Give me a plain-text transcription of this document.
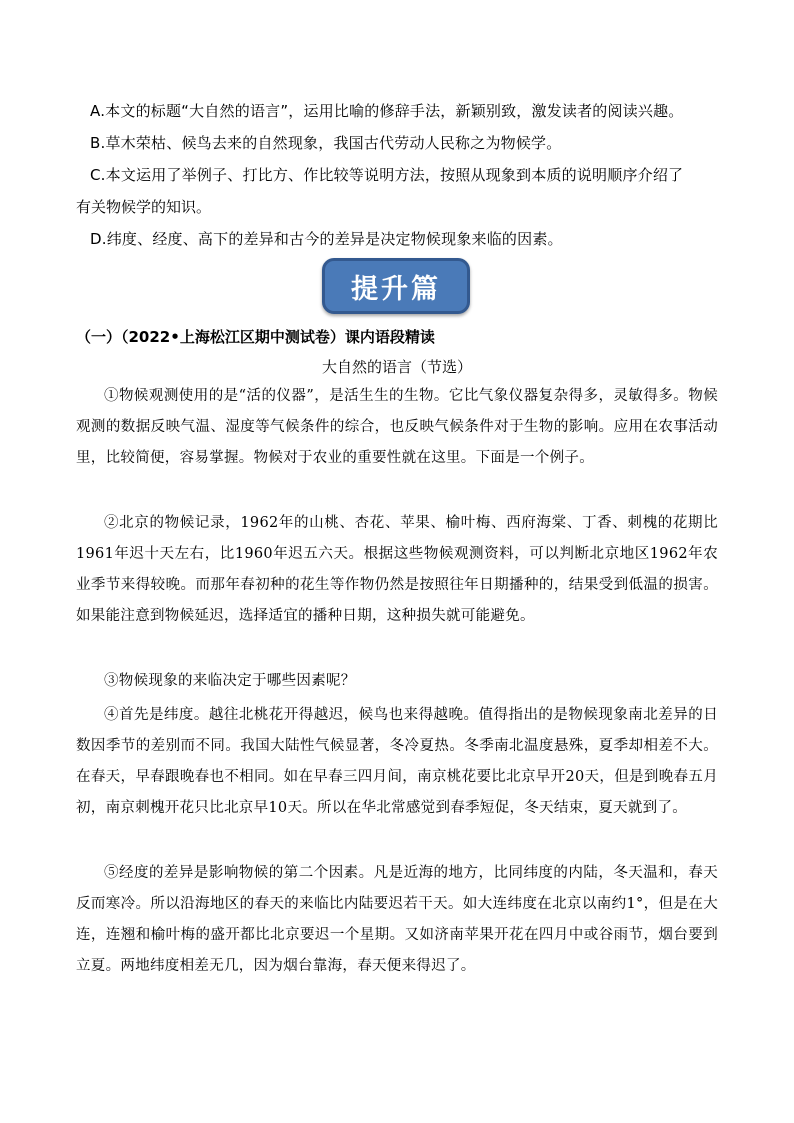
A.本文的标题“大自然的语言”，运用比喻的修辞手法，新颖别致，激发读者的阅读兴趣。
B.草木荣枯、候鸟去来的自然现象，我国古代劳动人民称之为物候学。
C.本文运用了举例子、打比方、作比较等说明方法，按照从现象到本质的说明顺序介绍了
有关物候学的知识。
D.纬度、经度、高下的差异和古今的差异是决定物候现象来临的因素。
提升篇
（一）（2022•上海松江区期中测试卷）课内语段精读
大自然的语言（节选）
①物候观测使用的是“活的仪器”，是活生生的生物。它比气象仪器复杂得多，灵敏得多。物候观测的数据反映气温、湿度等气候条件的综合，也反映气候条件对于生物的影响。应用在农事活动里，比较简便，容易掌握。物候对于农业的重要性就在这里。下面是一个例子。
②北京的物候记录，1962年的山桃、杏花、苹果、榆叶梅、西府海棠、丁香、刺槐的花期比1961年迟十天左右，比1960年迟五六天。根据这些物候观测资料，可以判断北京地区1962年农业季节来得较晚。而那年春初种的花生等作物仍然是按照往年日期播种的，结果受到低温的损害。如果能注意到物候延迟，选择适宜的播种日期，这种损失就可能避免。
③物候现象的来临决定于哪些因素呢？
④首先是纬度。越往北桃花开得越迟，候鸟也来得越晚。值得指出的是物候现象南北差异的日数因季节的差别而不同。我国大陆性气候显著，冬冷夏热。冬季南北温度悬殊，夏季却相差不大。在春天，早春跟晚春也不相同。如在早春三四月间，南京桃花要比北京早开20天，但是到晚春五月初，南京刺槐开花只比北京早10天。所以在华北常感觉到春季短促，冬天结束，夏天就到了。
⑤经度的差异是影响物候的第二个因素。凡是近海的地方，比同纬度的内陆，冬天温和，春天反而寒冷。所以沿海地区的春天的来临比内陆要迟若干天。如大连纬度在北京以南约1°，但是在大连，连翘和榆叶梅的盛开都比北京要迟一个星期。又如济南苹果开花在四月中或谷雨节，烟台要到立夏。两地纬度相差无几，因为烟台靠海，春天便来得迟了。
